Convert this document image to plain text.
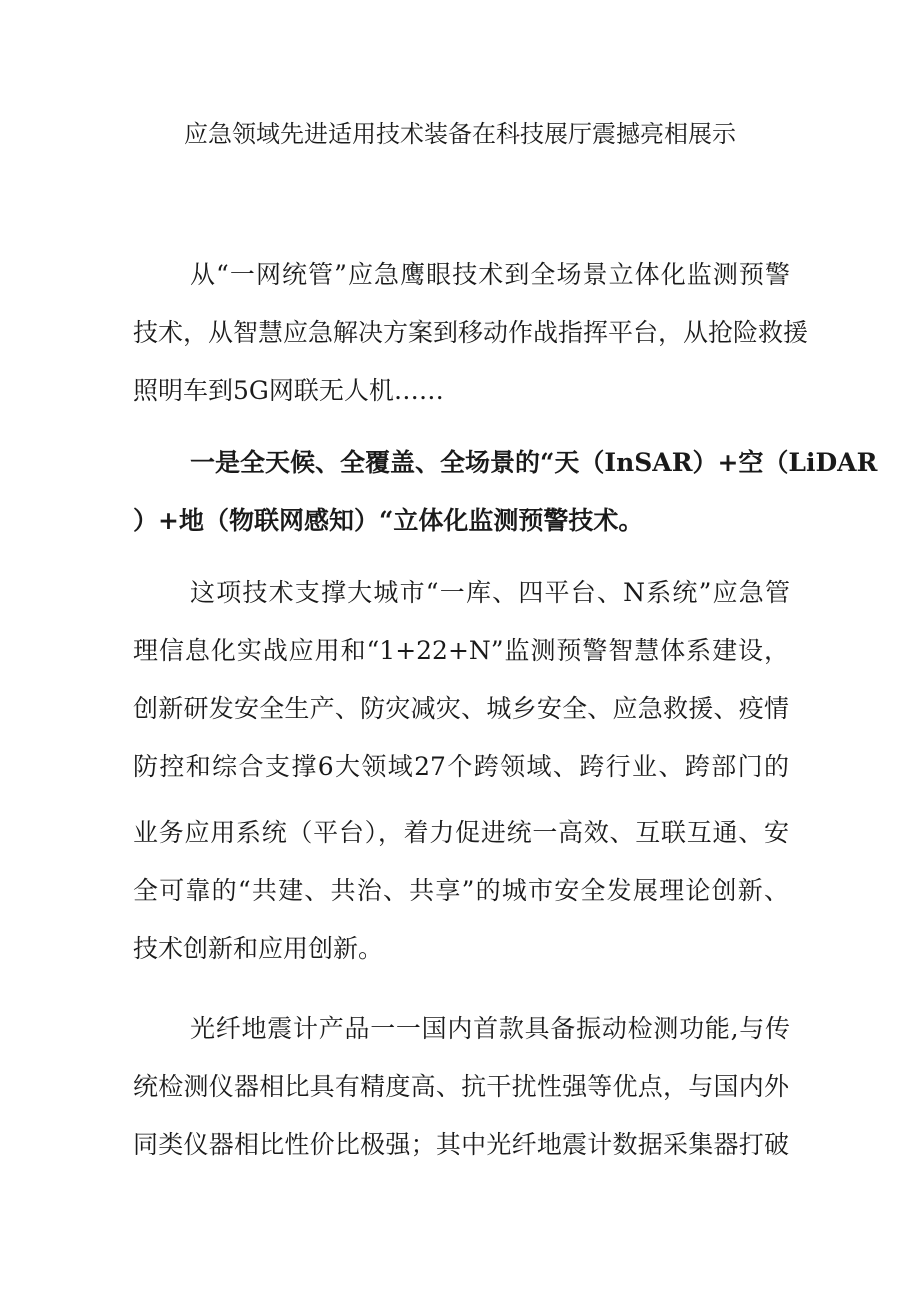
应急领域先进适用技术装备在科技展厅震撼亮相展示

从“一网统管”应急鹰眼技术到全场景立体化监测预警

技术，从智慧应急解决方案到移动作战指挥平台，从抢险救援

照明车到5G网联无人机……

一是全天候、全覆盖、全场景的“天（InSAR）+空（LiDAR

）+地（物联网感知）“立体化监测预警技术。

这项技术支撑大城市“一库、四平台、N系统”应急管

理信息化实战应用和“1+22+N”监测预警智慧体系建设，

创新研发安全生产、防灾减灾、城乡安全、应急救援、疫情

防控和综合支撑6大领域27个跨领域、跨行业、跨部门的

业务应用系统（平台），着力促进统一高效、互联互通、安

全可靠的“共建、共治、共享”的城市安全发展理论创新、

技术创新和应用创新。

光纤地震计产品一一国内首款具备振动检测功能,与传

统检测仪器相比具有精度高、抗干扰性强等优点，与国内外

同类仪器相比性价比极强；其中光纤地震计数据采集器打破
